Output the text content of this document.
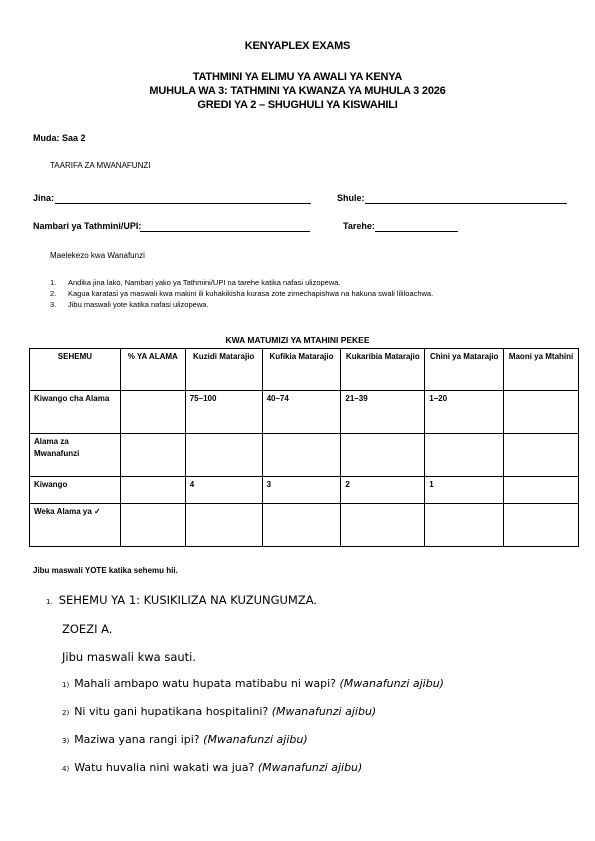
KENYAPLEX EXAMS
TATHMINI YA ELIMU YA AWALI YA KENYA
MUHULA WA 3: TATHMINI YA KWANZA YA MUHULA 3 2026
GREDI YA 2 – SHUGHULI YA KISWAHILI
Muda: Saa 2
TAARIFA ZA MWANAFUNZI
Jina:	Shule:
Nambari ya Tathmini/UPI:	Tarehe:
Maelekezo kwa Wanafunzi
1. Andika jina lako, Nambari yako ya Tathmini/UPI na tarehe katika nafasi ulizopewa.
2. Kagua karatasi ya maswali kwa makini ili kuhakikisha kurasa zote zimechapishwa na hakuna swali lililoachwa.
3. Jibu maswali yote katika nafasi ulizopewa.
KWA MATUMIZI YA MTAHINI PEKEE
SEHEMU	% YA ALAMA	Kuzidi Matarajio	Kufikia Matarajio	Kukaribia Matarajio	Chini ya Matarajio	Maoni ya Mtahini
Kiwango cha Alama		75–100	40–74	21–39	1–20	
Alama za Mwanafunzi						
Kiwango		4	3	2	1	
Weka Alama ya ✓						
Jibu maswali YOTE katika sehemu hii.
1. SEHEMU YA 1: KUSIKILIZA NA KUZUNGUMZA.
ZOEZI A.
Jibu maswali kwa sauti.
1) Mahali ambapo watu hupata matibabu ni wapi? (Mwanafunzi ajibu)
2) Ni vitu gani hupatikana hospitalini? (Mwanafunzi ajibu)
3) Maziwa yana rangi ipi? (Mwanafunzi ajibu)
4) Watu huvalia nini wakati wa jua? (Mwanafunzi ajibu)
